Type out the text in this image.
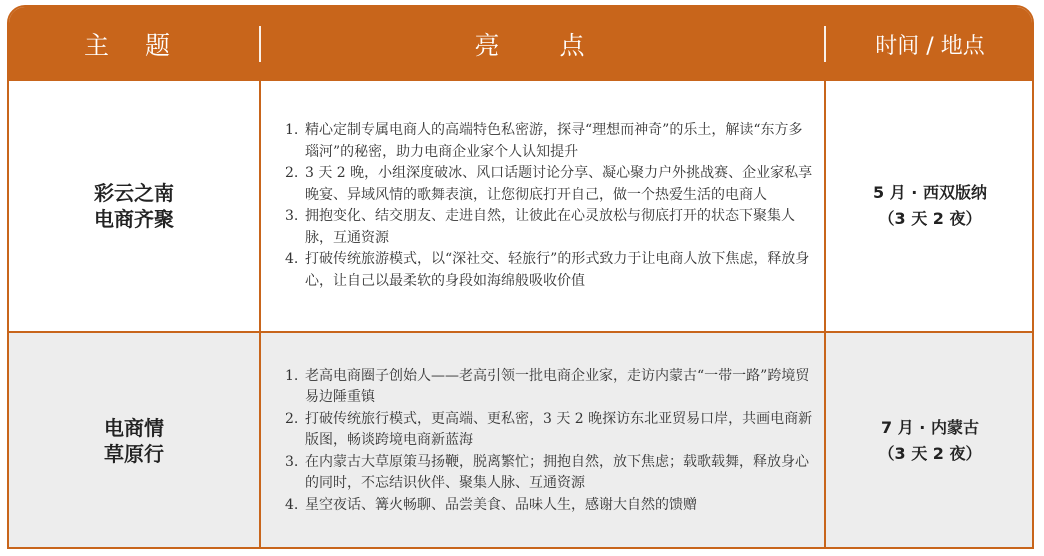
主 题	亮 点	时间 / 地点
彩云之南
电商齐聚
1. 精心定制专属电商人的高端特色私密游，探寻“理想而神奇”的乐土，解读“东方多瑙河”的秘密，助力电商企业家个人认知提升
2. 3 天 2 晚，小组深度破冰、风口话题讨论分享、凝心聚力户外挑战赛、企业家私享晚宴、异域风情的歌舞表演，让您彻底打开自己，做一个热爱生活的电商人
3. 拥抱变化、结交朋友、走进自然，让彼此在心灵放松与彻底打开的状态下聚集人脉，互通资源
4. 打破传统旅游模式，以“深社交、轻旅行”的形式致力于让电商人放下焦虑，释放身心，让自己以最柔软的身段如海绵般吸收价值
5 月 · 西双版纳
（3 天 2 夜）
电商情
草原行
1. 老高电商圈子创始人——老高引领一批电商企业家，走访内蒙古“一带一路”跨境贸易边陲重镇
2. 打破传统旅行模式，更高端、更私密，3 天 2 晚探访东北亚贸易口岸，共画电商新版图，畅谈跨境电商新蓝海
3. 在内蒙古大草原策马扬鞭，脱离繁忙；拥抱自然，放下焦虑；载歌载舞，释放身心的同时，不忘结识伙伴、聚集人脉、互通资源
4. 星空夜话、篝火畅聊、品尝美食、品味人生，感谢大自然的馈赠
7 月 · 内蒙古
（3 天 2 夜）
